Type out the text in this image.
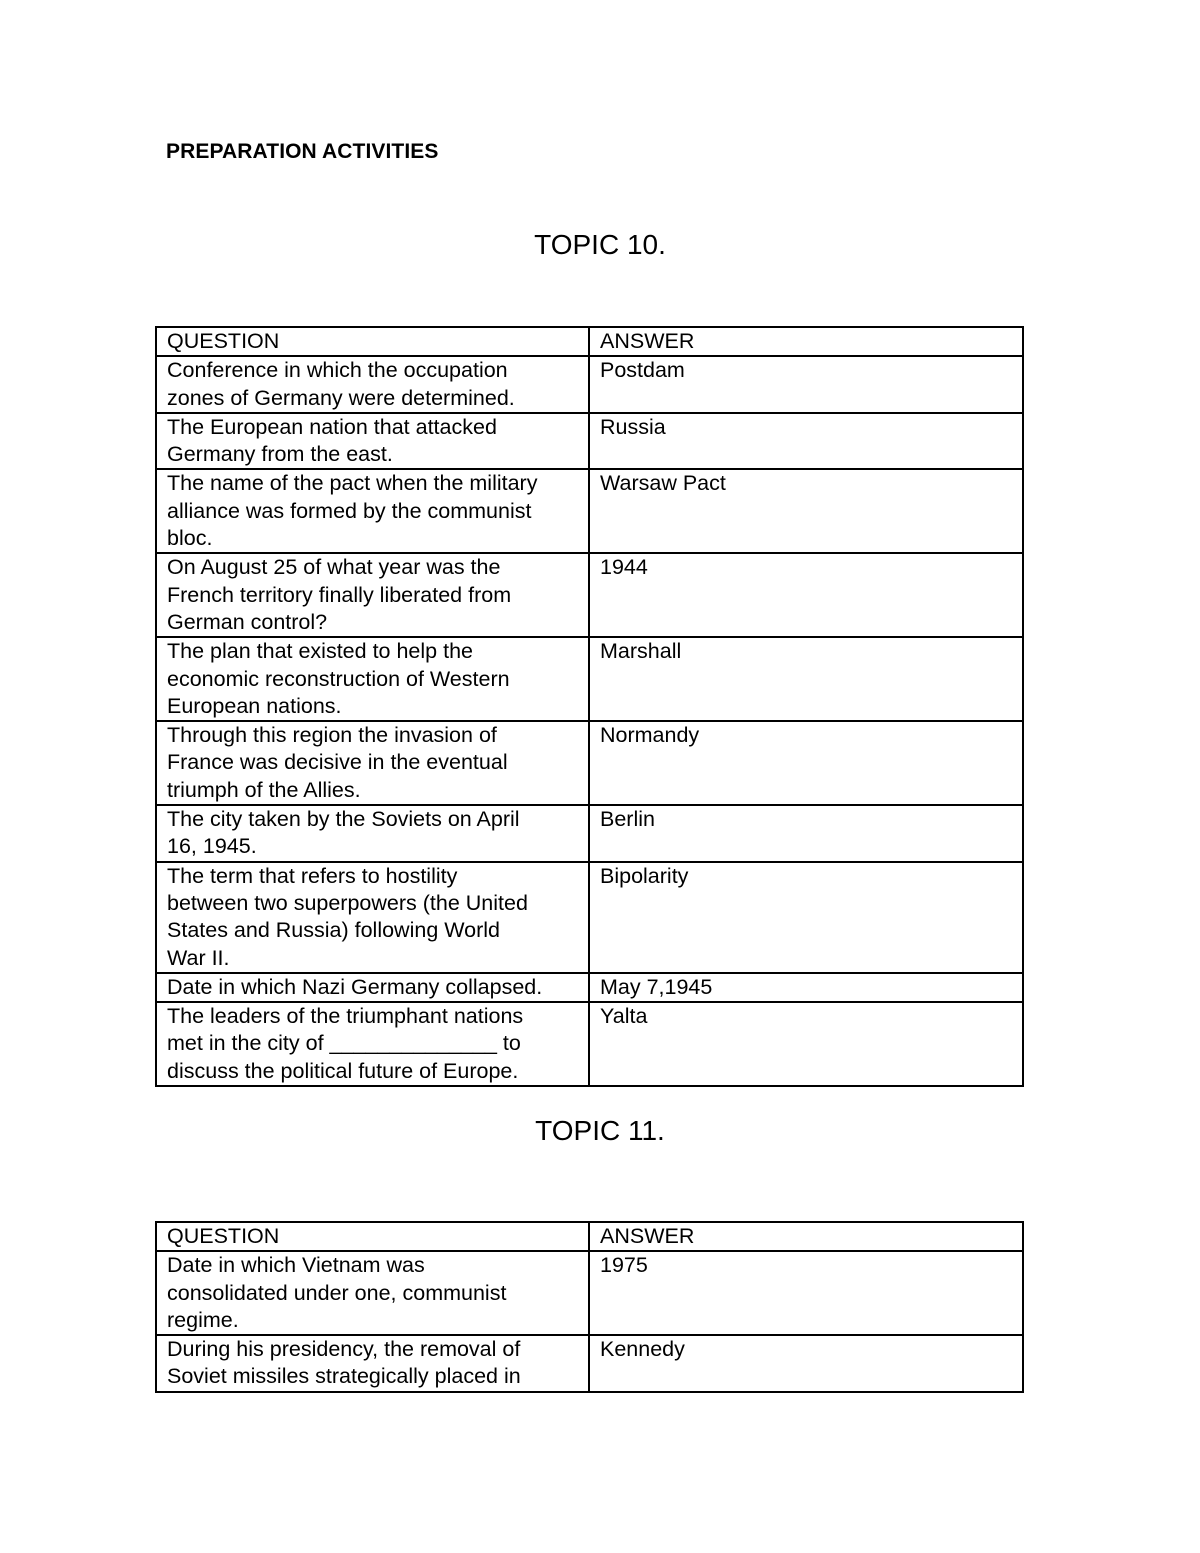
PREPARATION ACTIVITIES
TOPIC 10.
QUESTION	ANSWER
Conference in which the occupation
zones of Germany were determined.	Postdam
The European nation that attacked
Germany from the east.	Russia
The name of the pact when the military
alliance was formed by the communist
bloc.	Warsaw Pact
On August 25 of what year was the
French territory finally liberated from
German control?	1944
The plan that existed to help the
economic reconstruction of Western
European nations.	Marshall
Through this region the invasion of
France was decisive in the eventual
triumph of the Allies.	Normandy
The city taken by the Soviets on April
16, 1945.	Berlin
The term that refers to hostility
between two superpowers (the United
States and Russia) following World
War II.	Bipolarity
Date in which Nazi Germany collapsed.	May 7,1945
The leaders of the triumphant nations
met in the city of ______________ to
discuss the political future of Europe.	Yalta
TOPIC 11.
QUESTION	ANSWER
Date in which Vietnam was
consolidated under one, communist
regime.	1975
During his presidency, the removal of
Soviet missiles strategically placed in	Kennedy
